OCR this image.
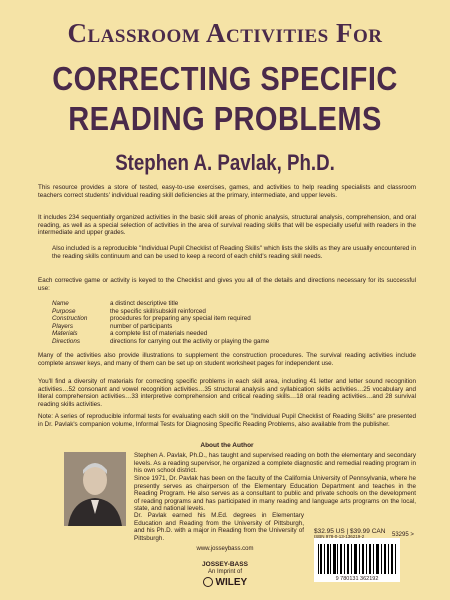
Classroom Activities For
CORRECTING SPECIFIC
READING PROBLEMS
Stephen A. Pavlak, Ph.D.

This resource provides a store of tested, easy-to-use exercises, games, and activities to help reading specialists and classroom teachers correct students' individual reading skill deficiencies at the primary, intermediate, and upper levels.

It includes 234 sequentially organized activities in the basic skill areas of phonic analysis, structural analysis, comprehension, and oral reading, as well as a special selection of activities in the area of survival reading skills that will be especially useful with readers in the intermediate and upper grades.

Also included is a reproducible "Individual Pupil Checklist of Reading Skills" which lists the skills as they are usually encountered in the reading skills continuum and can be used to keep a record of each child's reading skill needs.

Each corrective game or activity is keyed to the Checklist and gives you all of the details and directions necessary for its successful use:

Name	a distinct descriptive title
Purpose	the specific skill/subskill reinforced
Construction	procedures for preparing any special item required
Players	number of participants
Materials	a complete list of materials needed
Directions	directions for carrying out the activity or playing the game

Many of the activities also provide illustrations to supplement the construction procedures. The survival reading activities include complete answer keys, and many of them can be set up on student worksheet pages for independent use.

You'll find a diversity of materials for correcting specific problems in each skill area, including 41 letter and letter sound recognition activities…52 consonant and vowel recognition activities…35 structural analysis and syllabication skills activities…25 vocabulary and literal comprehension activities…33 interpretive comprehension and critical reading skills…18 oral reading activities…and 28 survival reading skills activities.

Note: A series of reproducible informal tests for evaluating each skill on the "Individual Pupil Checklist of Reading Skills" are presented in Dr. Pavlak's companion volume, Informal Tests for Diagnosing Specific Reading Problems, also available from the publisher.

About the Author

Stephen A. Pavlak, Ph.D., has taught and supervised reading on both the elementary and secondary levels. As a reading supervisor, he organized a complete diagnostic and remedial reading program in his own school district.

Since 1971, Dr. Pavlak has been on the faculty of the California University of Pennsylvania, where he presently serves as chairperson of the Elementary Education Department and teaches in the Reading Program. He also serves as a consultant to public and private schools on the development of reading programs and has participated in many reading and language arts programs on the local, state, and national levels.

Dr. Pavlak earned his M.Ed. degrees in Elementary Education and Reading from the University of Pittsburgh, and his Ph.D. with a major in Reading from the University of Pittsburgh.

$32.95 US | $39.99 CAN
ISBN 978-0-13-136219-2	53295 >
9 780131 362192
www.josseybass.com
JOSSEY-BASS
An Imprint of
WILEY
